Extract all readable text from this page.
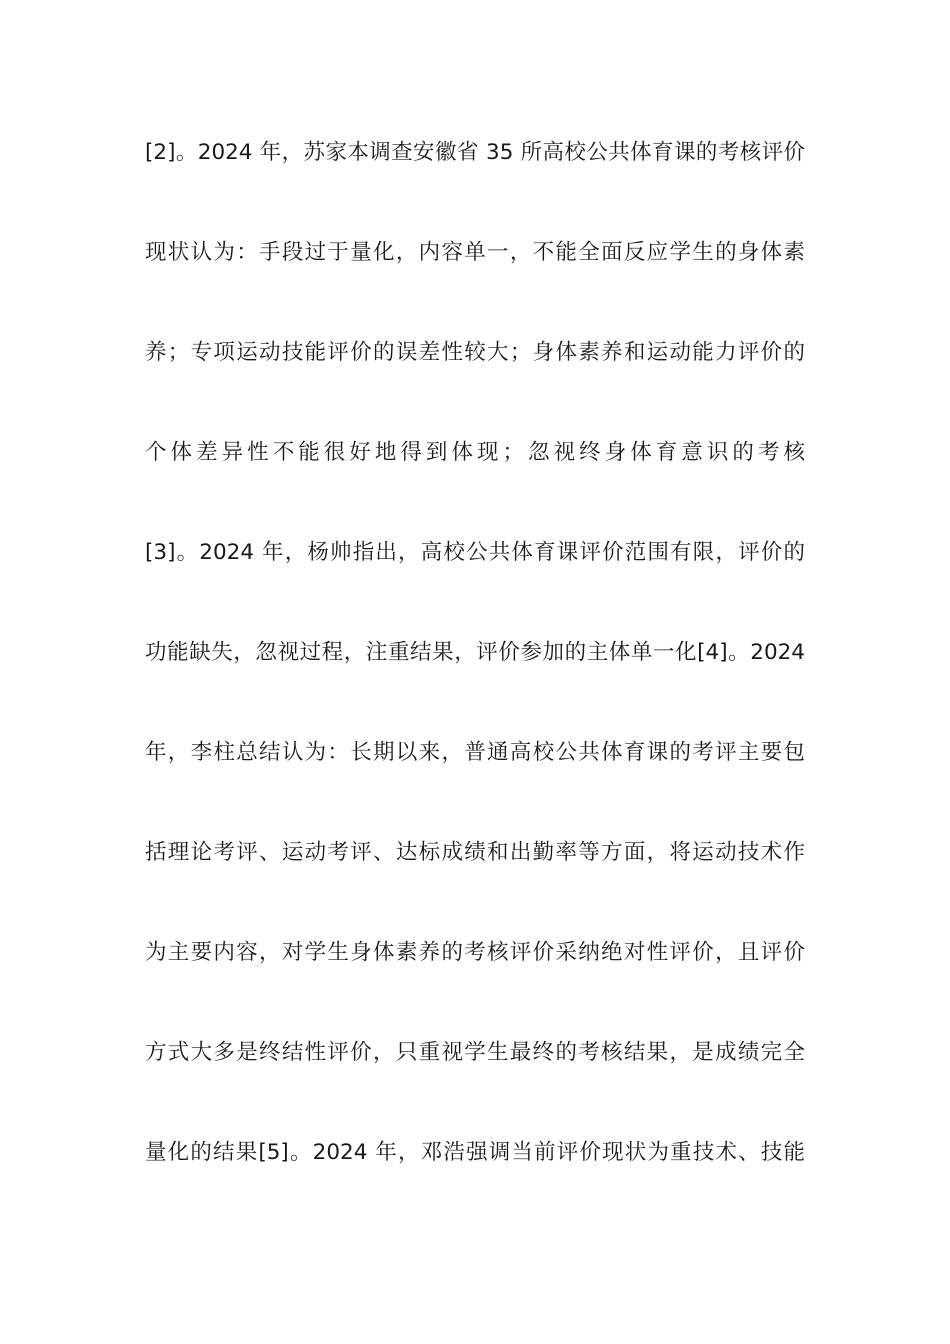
[2]。2024 年，苏家本调查安徽省 35 所高校公共体育课的考核评价
现状认为：手段过于量化，内容单一，不能全面反应学生的身体素
养；专项运动技能评价的误差性较大；身体素养和运动能力评价的
个体差异性不能很好地得到体现；忽视终身体育意识的考核
[3]。2024 年，杨帅指出，高校公共体育课评价范围有限，评价的
功能缺失，忽视过程，注重结果，评价参加的主体单一化[4]。2024
年，李柱总结认为：长期以来，普通高校公共体育课的考评主要包
括理论考评、运动考评、达标成绩和出勤率等方面，将运动技术作
为主要内容，对学生身体素养的考核评价采纳绝对性评价，且评价
方式大多是终结性评价，只重视学生最终的考核结果，是成绩完全
量化的结果[5]。2024 年，邓浩强调当前评价现状为重技术、技能
